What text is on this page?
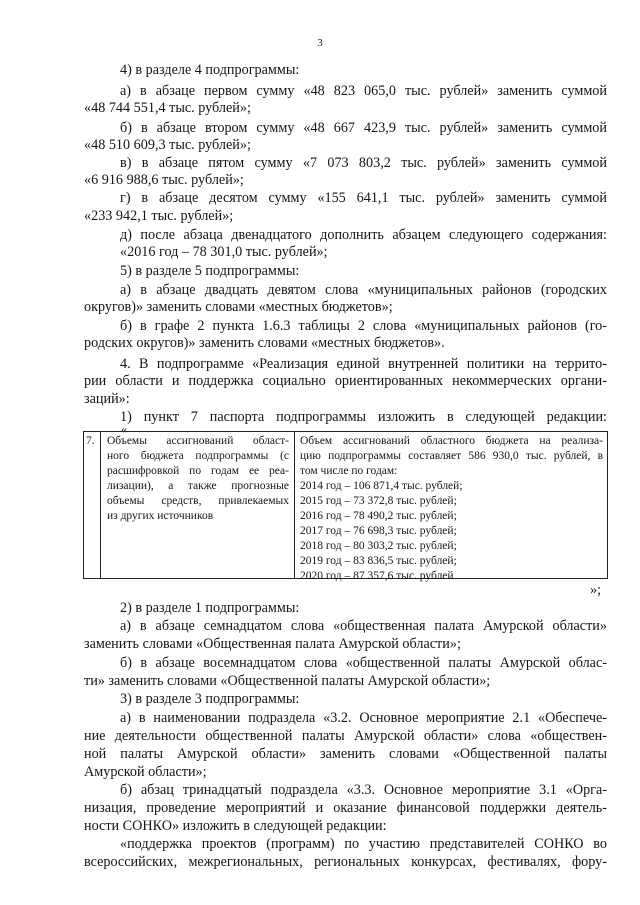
3
4) в разделе 4 подпрограммы:
а) в абзаце первом сумму «48 823 065,0 тыс. рублей» заменить суммой
«48 744 551,4 тыс. рублей»;
б) в абзаце втором сумму «48 667 423,9 тыс. рублей» заменить суммой
«48 510 609,3 тыс. рублей»;
в) в абзаце пятом сумму «7 073 803,2 тыс. рублей» заменить суммой
«6 916 988,6 тыс. рублей»;
г) в абзаце десятом сумму «155 641,1 тыс. рублей» заменить суммой
«233 942,1 тыс. рублей»;
д) после абзаца двенадцатого дополнить абзацем следующего содержания:
«2016 год – 78 301,0 тыс. рублей»;
5) в разделе 5 подпрограммы:
а) в абзаце двадцать девятом слова «муниципальных районов (городских
округов)» заменить словами «местных бюджетов»;
б) в графе 2 пункта 1.6.3 таблицы 2 слова «муниципальных районов (го-
родских округов)» заменить словами «местных бюджетов».
4. В подпрограмме «Реализация единой внутренней политики на террито-
рии области и поддержка социально ориентированных некоммерческих органи-
заций»:
1) пункт 7 паспорта подпрограммы изложить в следующей редакции:
«
7.	Объемы ассигнований област-
ного бюджета подпрограммы (с
расшифровкой по годам ее реа-
лизации), а также прогнозные
объемы средств, привлекаемых
из других источников
Объем ассигнований областного бюджета на реализа-
цию подпрограммы составляет 586 930,0 тыс. рублей, в
том числе по годам:
2014 год – 106 871,4 тыс. рублей;
2015 год – 73 372,8 тыс. рублей;
2016 год – 78 490,2 тыс. рублей;
2017 год – 76 698,3 тыс. рублей;
2018 год – 80 303,2 тыс. рублей;
2019 год – 83 836,5 тыс. рублей;
2020 год – 87 357,6 тыс. рублей
»;
2) в разделе 1 подпрограммы:
а) в абзаце семнадцатом слова «общественная палата Амурской области»
заменить словами «Общественная палата Амурской области»;
б) в абзаце восемнадцатом слова «общественной палаты Амурской облас-
ти» заменить словами «Общественной палаты Амурской области»;
3) в разделе 3 подпрограммы:
а) в наименовании подраздела «3.2. Основное мероприятие 2.1 «Обеспече-
ние деятельности общественной палаты Амурской области» слова «обществен-
ной палаты Амурской области» заменить словами «Общественной палаты
Амурской области»;
б) абзац тринадцатый подраздела «3.3. Основное мероприятие 3.1 «Орга-
низация, проведение мероприятий и оказание финансовой поддержки деятель-
ности СОНКО» изложить в следующей редакции:
«поддержка проектов (программ) по участию представителей СОНКО во
всероссийских, межрегиональных, региональных конкурсах, фестивалях, фору-
